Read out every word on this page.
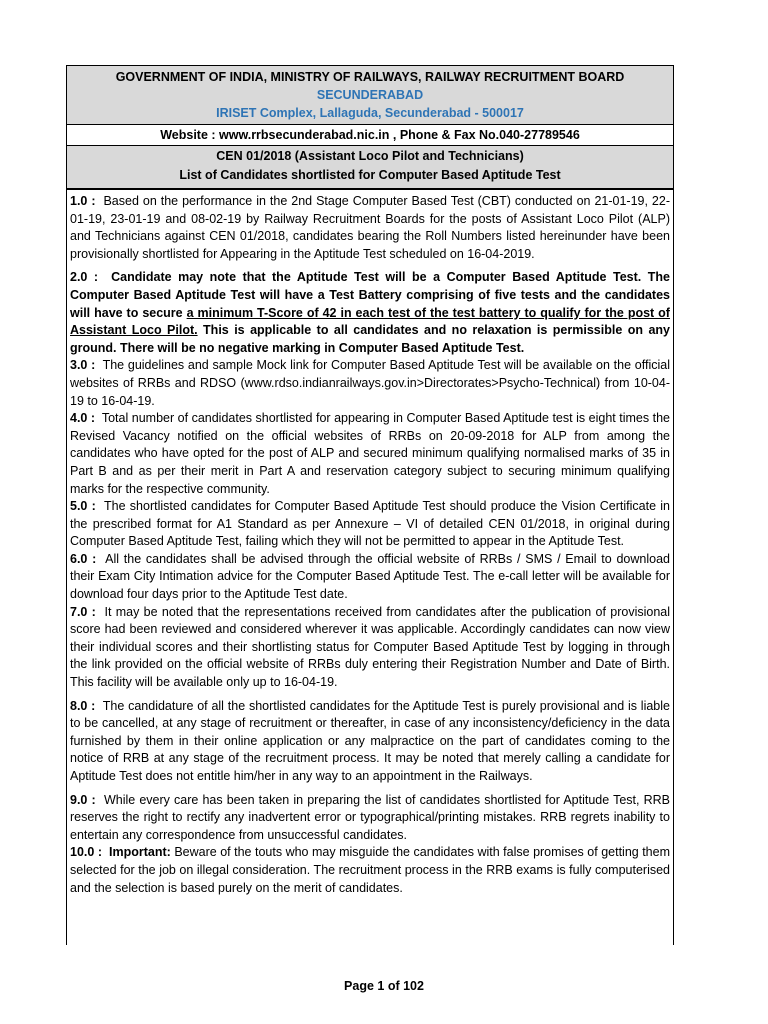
GOVERNMENT OF INDIA, MINISTRY OF RAILWAYS, RAILWAY RECRUITMENT BOARD
SECUNDERABAD
IRISET Complex, Lallaguda, Secunderabad - 500017
Website : www.rrbsecunderabad.nic.in , Phone & Fax No.040-27789546
CEN 01/2018 (Assistant Loco Pilot and Technicians)
List of Candidates shortlisted for Computer Based Aptitude Test

1.0 : Based on the performance in the 2nd Stage Computer Based Test (CBT) conducted on 21-01-19, 22-01-19, 23-01-19 and 08-02-19 by Railway Recruitment Boards for the posts of Assistant Loco Pilot (ALP) and Technicians against CEN 01/2018, candidates bearing the Roll Numbers listed hereinunder have been provisionally shortlisted for Appearing in the Aptitude Test scheduled on 16-04-2019.

2.0 : Candidate may note that the Aptitude Test will be a Computer Based Aptitude Test. The Computer Based Aptitude Test will have a Test Battery comprising of five tests and the candidates will have to secure a minimum T-Score of 42 in each test of the test battery to qualify for the post of Assistant Loco Pilot. This is applicable to all candidates and no relaxation is permissible on any ground. There will be no negative marking in Computer Based Aptitude Test.

3.0 : The guidelines and sample Mock link for Computer Based Aptitude Test will be available on the official websites of RRBs and RDSO (www.rdso.indianrailways.gov.in>Directorates>Psycho-Technical) from 10-04-19 to 16-04-19.

4.0 : Total number of candidates shortlisted for appearing in Computer Based Aptitude test is eight times the Revised Vacancy notified on the official websites of RRBs on 20-09-2018 for ALP from among the candidates who have opted for the post of ALP and secured minimum qualifying normalised marks of 35 in Part B and as per their merit in Part A and reservation category subject to securing minimum qualifying marks for the respective community.

5.0 : The shortlisted candidates for Computer Based Aptitude Test should produce the Vision Certificate in the prescribed format for A1 Standard as per Annexure – VI of detailed CEN 01/2018, in original during Computer Based Aptitude Test, failing which they will not be permitted to appear in the Aptitude Test.

6.0 : All the candidates shall be advised through the official website of RRBs / SMS / Email to download their Exam City Intimation advice for the Computer Based Aptitude Test. The e-call letter will be available for download four days prior to the Aptitude Test date.

7.0 : It may be noted that the representations received from candidates after the publication of provisional score had been reviewed and considered wherever it was applicable. Accordingly candidates can now view their individual scores and their shortlisting status for Computer Based Aptitude Test by logging in through the link provided on the official website of RRBs duly entering their Registration Number and Date of Birth. This facility will be available only up to 16-04-19.

8.0 : The candidature of all the shortlisted candidates for the Aptitude Test is purely provisional and is liable to be cancelled, at any stage of recruitment or thereafter, in case of any inconsistency/deficiency in the data furnished by them in their online application or any malpractice on the part of candidates coming to the notice of RRB at any stage of the recruitment process. It may be noted that merely calling a candidate for Aptitude Test does not entitle him/her in any way to an appointment in the Railways.

9.0 : While every care has been taken in preparing the list of candidates shortlisted for Aptitude Test, RRB reserves the right to rectify any inadvertent error or typographical/printing mistakes. RRB regrets inability to entertain any correspondence from unsuccessful candidates.

10.0 : Important: Beware of the touts who may misguide the candidates with false promises of getting them selected for the job on illegal consideration. The recruitment process in the RRB exams is fully computerised and the selection is based purely on the merit of candidates.

Page 1 of 102
